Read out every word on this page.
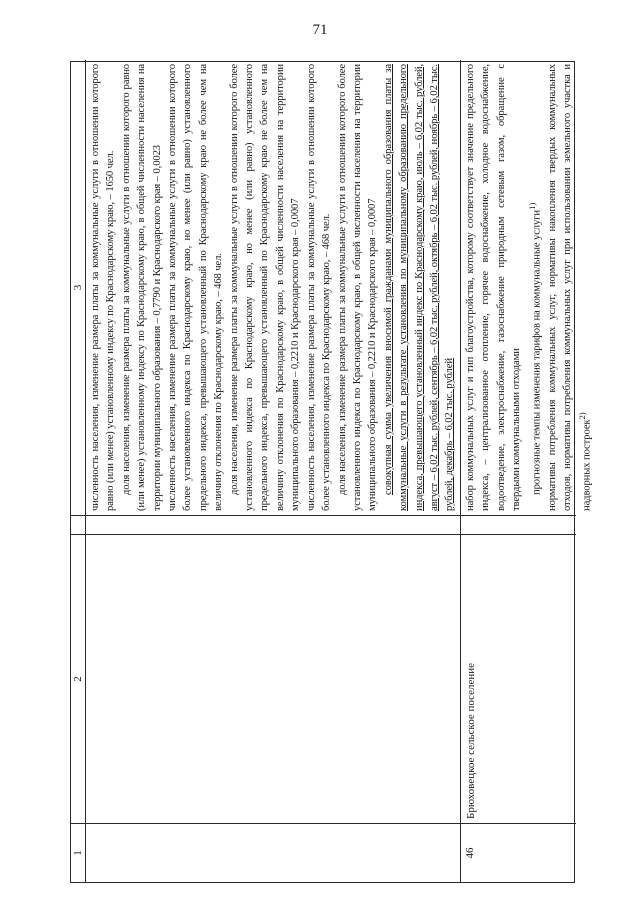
71
1
2
3 численность населения, изменение размера платы за коммунальные услуги в отношении которого равно (или менее) установленному индексу по Краснодарскому краю, – 1650 чел. доля населения, изменение размера платы за коммунальные услуги в отношении которого равно (или менее) установленному индексу по Краснодарскому краю, в общей численности населения на территории муниципального образования – 0,7790 и Краснодарского края – 0,0023 численность населения, изменение размера платы за коммунальные услуги в отношении которого более установленного индекса по Краснодарскому краю, но менее (или равно) установленного предельного индекса, превышающего установленный по Краснодарскому краю не более чем на величину отклонения по Краснодарскому краю, – 468 чел. доля населения, изменение размера платы за коммунальные услуги в отношении которого более установленного индекса по Краснодарскому краю, но менее (или равно) установленного предельного индекса, превышающего установленный по Краснодарскому краю не более чем на величину отклонения по Краснодарскому краю, в общей численности населения на территории муниципального образования – 0,2210 и Краснодарского края – 0,0007 численность населения, изменение размера платы за коммунальные услуги в отношении которого более установленного индекса по Краснодарскому краю, – 468 чел. доля населения, изменение размера платы за коммунальные услуги в отношении которого более установленного индекса по Краснодарскому краю, в общей численности населения на территории муниципального образования – 0,2210 и Краснодарского края – 0,0007 совокупная сумма увеличения вносимой гражданами муниципального образования платы за коммунальные услуги в результате установления по муниципальному образованию предельного индекса, превышающего установленный индекс по Краснодарскому краю, июль – 6,02 тыс. рублей, август – 6,02 тыс. рублей, сентябрь – 6,02 тыс. рублей, октябрь – 6,02 тыс. рублей, ноябрь – 6,02 тыс. рублей, декабрь – 6,02 тыс. рублей

46
Брюховецкое сельское поселение

набор коммунальных услуг и тип благоустройства, которому соответствует значение предельного индекса, – централизованное отопление, горячее водоснабжение, холодное водоснабжение, водоотведение, электроснабжение, газоснабжение природным сетевым газом, обращение с твердыми коммунальными отходами прогнозные темпы изменения тарифов на коммунальные услуги$^{1)}$ нормативы потребления коммунальных услуг, нормативы накопления твердых коммунальных отходов, нормативы потребления коммунальных услуг при использовании земельного участка и надворных построек$^{2)}$
